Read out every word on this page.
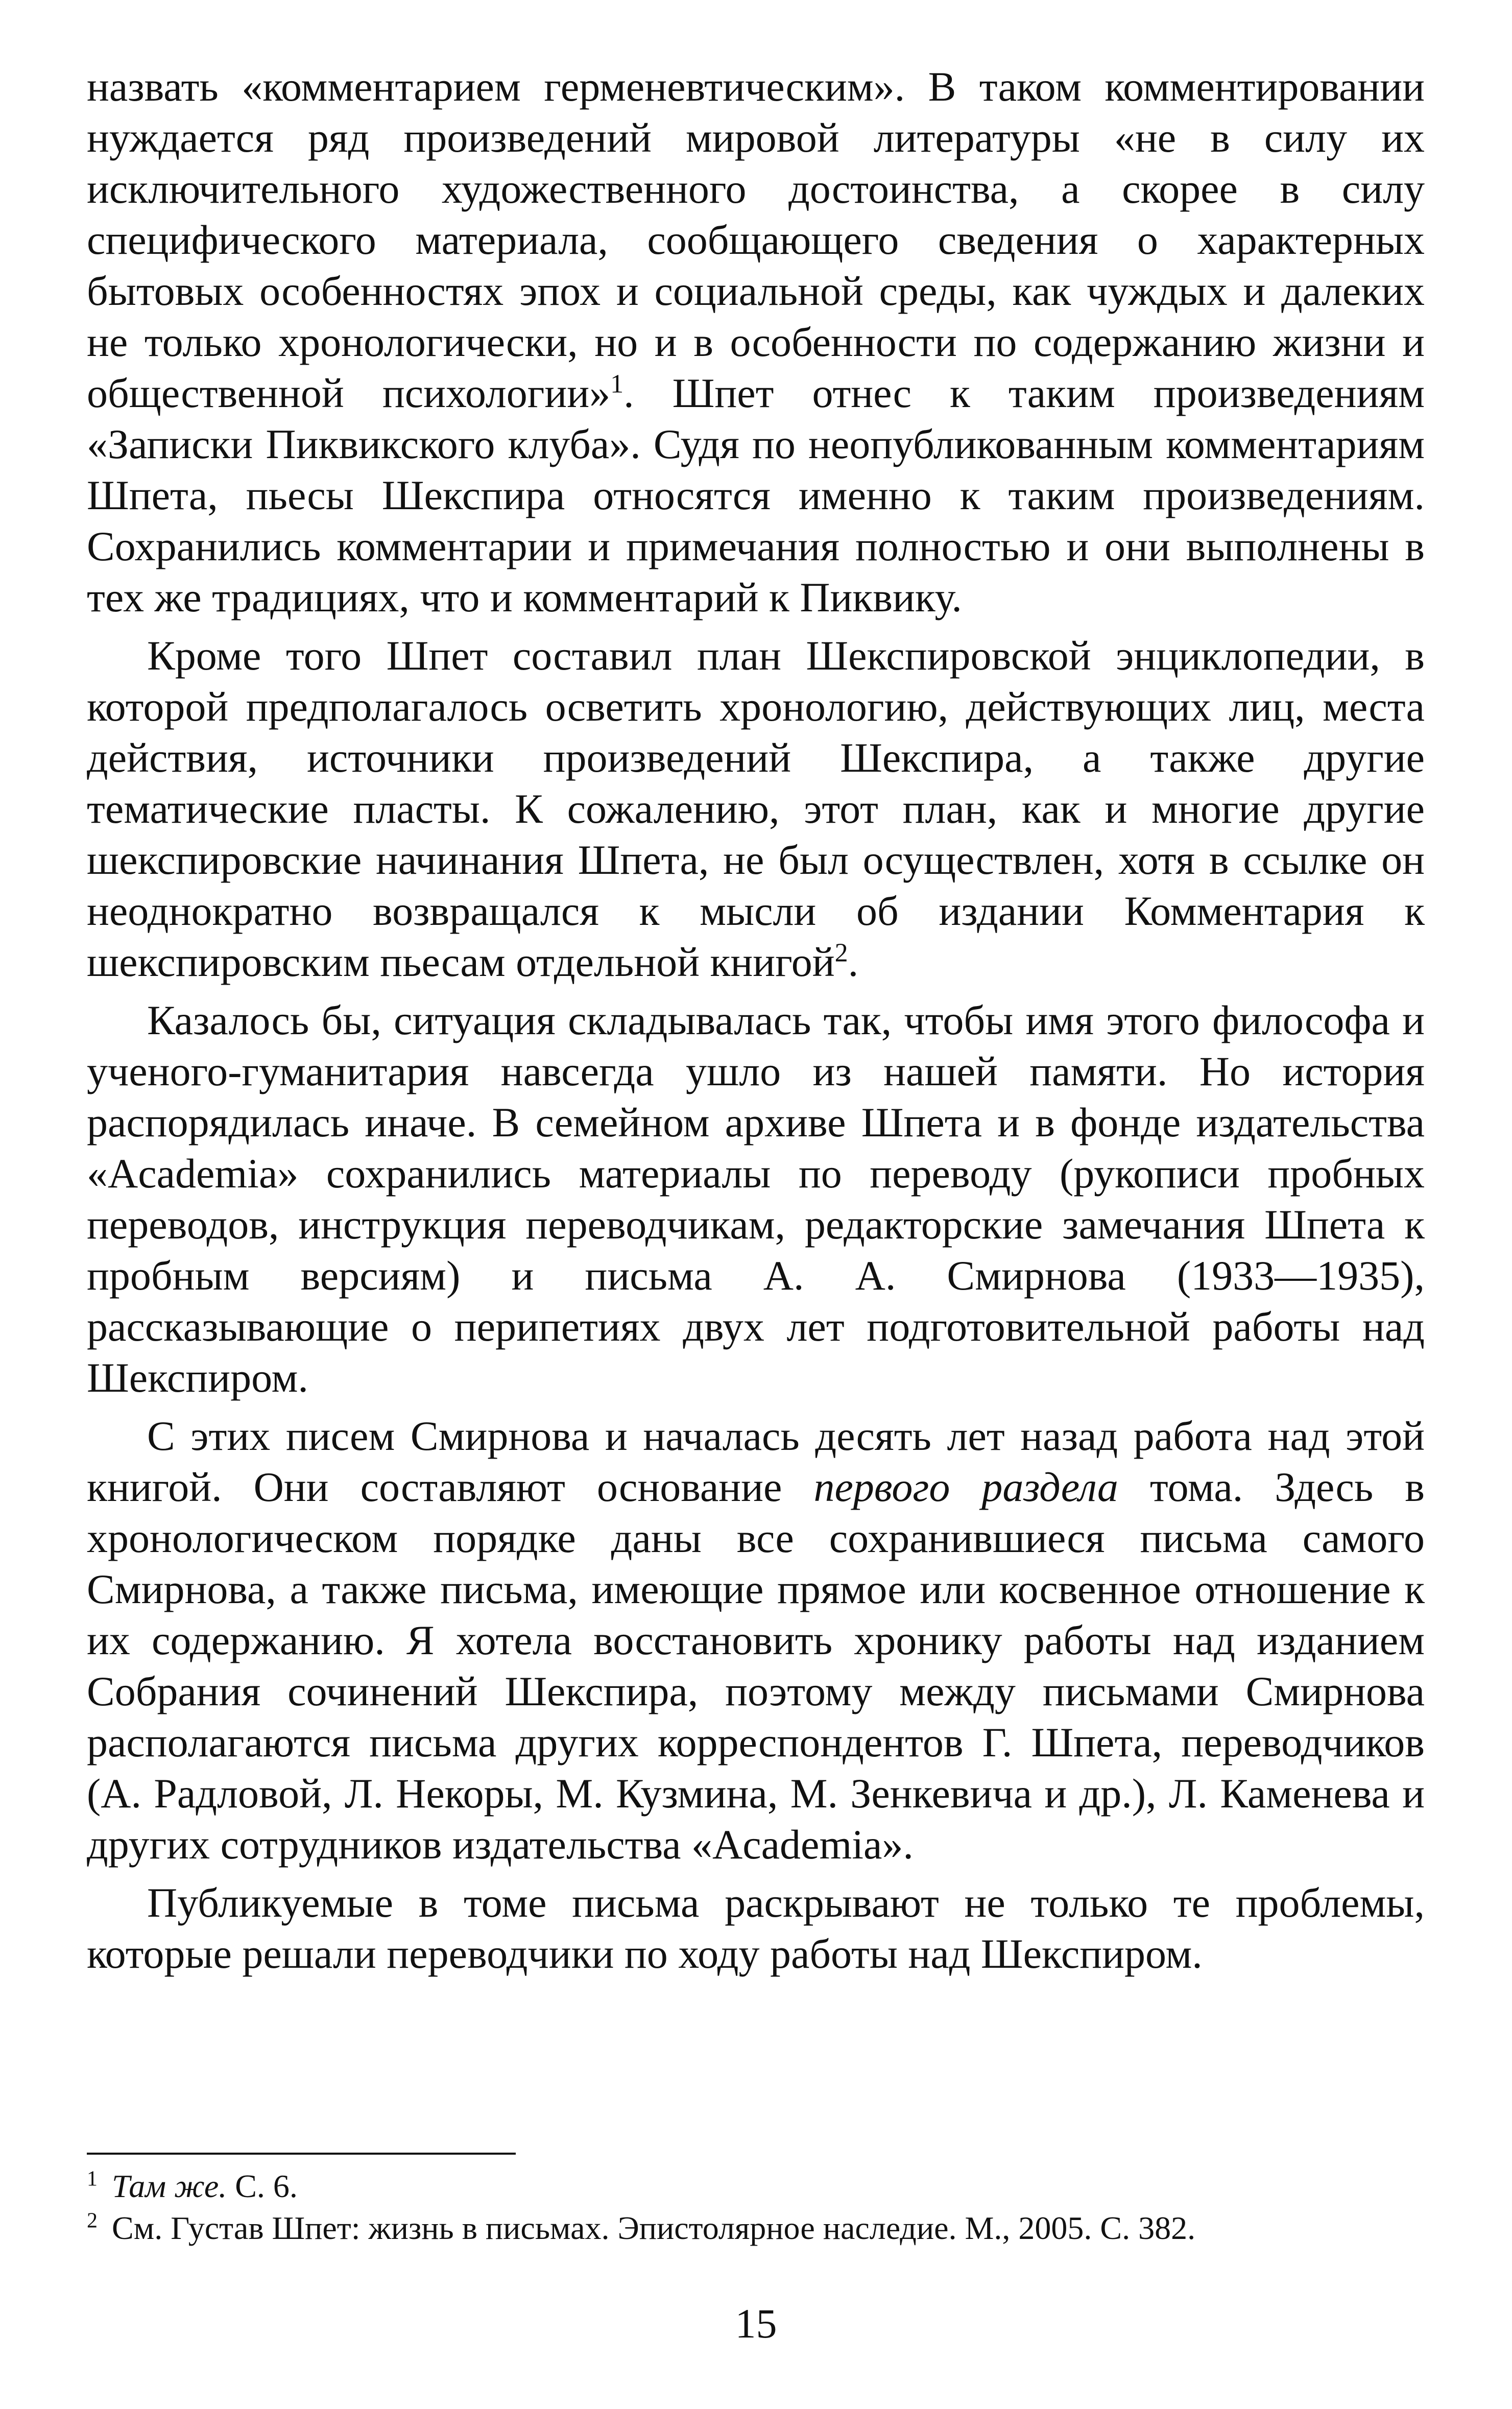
назвать «комментарием герменевтическим». В таком комментировании нуждается ряд произведений мировой литературы «не в силу их исключительного художественного достоинства, а скорее в силу специфического материала, сообщающего сведения о характерных бытовых особенностях эпох и социальной среды, как чуждых и далеких не только хронологически, но и в особенности по содержанию жизни и общественной психологии»$^1$. Шпет отнес к таким произведениям «Записки Пиквикского клуба». Судя по неопубликованным комментариям Шпета, пьесы Шекспира относятся именно к таким произведениям. Сохранились комментарии и примечания полностью и они выполнены в тех же традициях, что и комментарий к Пиквику.

Кроме того Шпет составил план Шекспировской энциклопедии, в которой предполагалось осветить хронологию, действующих лиц, места действия, источники произведений Шекспира, а также другие тематические пласты. К сожалению, этот план, как и многие другие шекспировские начинания Шпета, не был осуществлен, хотя в ссылке он неоднократно возвращался к мысли об издании Комментария к шекспировским пьесам отдельной книгой$^2$.

Казалось бы, ситуация складывалась так, чтобы имя этого философа и ученого-гуманитария навсегда ушло из нашей памяти. Но история распорядилась иначе. В семейном архиве Шпета и в фонде издательства «Academia» сохранились материалы по переводу (рукописи пробных переводов, инструкция переводчикам, редакторские замечания Шпета к пробным версиям) и письма А. А. Смирнова (1933—1935), рассказывающие о перипетиях двух лет подготовительной работы над Шекспиром.

С этих писем Смирнова и началась десять лет назад работа над этой книгой. Они составляют основание первого раздела тома. Здесь в хронологическом порядке даны все сохранившиеся письма самого Смирнова, а также письма, имеющие прямое или косвенное отношение к их содержанию. Я хотела восстановить хронику работы над изданием Собрания сочинений Шекспира, поэтому между письмами Смирнова располагаются письма других корреспондентов Г. Шпета, переводчиков (А. Радловой, Л. Некоры, М. Кузмина, М. Зенкевича и др.), Л. Каменева и других сотрудников издательства «Academia».

Публикуемые в томе письма раскрывают не только те проблемы, которые решали переводчики по ходу работы над Шекспиром.

$^1$ Там же. С. 6.

$^2$ См. Густав Шпет: жизнь в письмах. Эпистолярное наследие. М., 2005. С. 382.

15
